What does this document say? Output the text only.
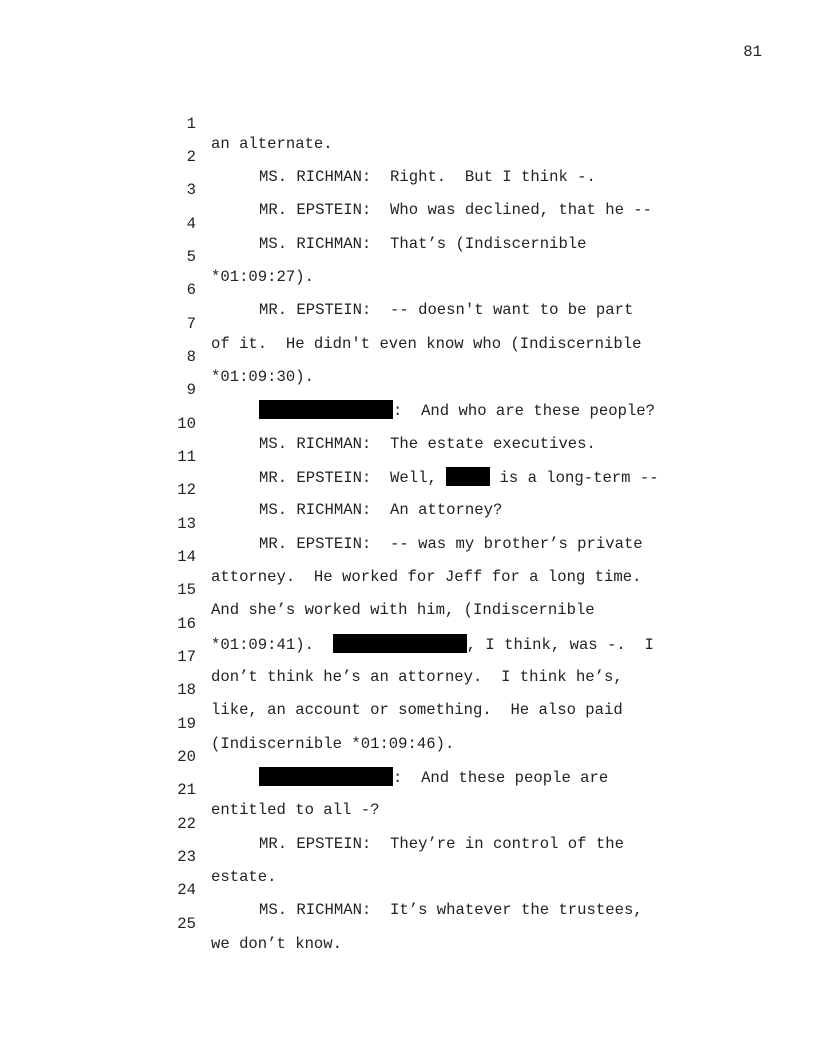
81

1

an alternate.

2

MS. RICHMAN:  Right.  But I think -.

3

MR. EPSTEIN:  Who was declined, that he --

4

MS. RICHMAN:  That’s (Indiscernible

5

*01:09:27).

6

MR. EPSTEIN:  -- doesn't want to be part

7

of it.  He didn't even know who (Indiscernible

8

*01:09:30).

9

:  And who are these people?

10

MS. RICHMAN:  The estate executives.

11

MR. EPSTEIN:  Well,	is a long-term --

12

MS. RICHMAN:  An attorney?

13

MR. EPSTEIN:  -- was my brother’s private

14

attorney.  He worked for Jeff for a long time.

15

And she’s worked with him, (Indiscernible

16

*01:09:41).	, I think, was -.  I

17

don’t think he’s an attorney.  I think he’s,

18

like, an account or something.  He also paid

19

(Indiscernible *01:09:46).

20

:  And these people are

21

entitled to all -?

22

MR. EPSTEIN:  They’re in control of the

23

estate.

24

MS. RICHMAN:  It’s whatever the trustees,

25

we don’t know.
